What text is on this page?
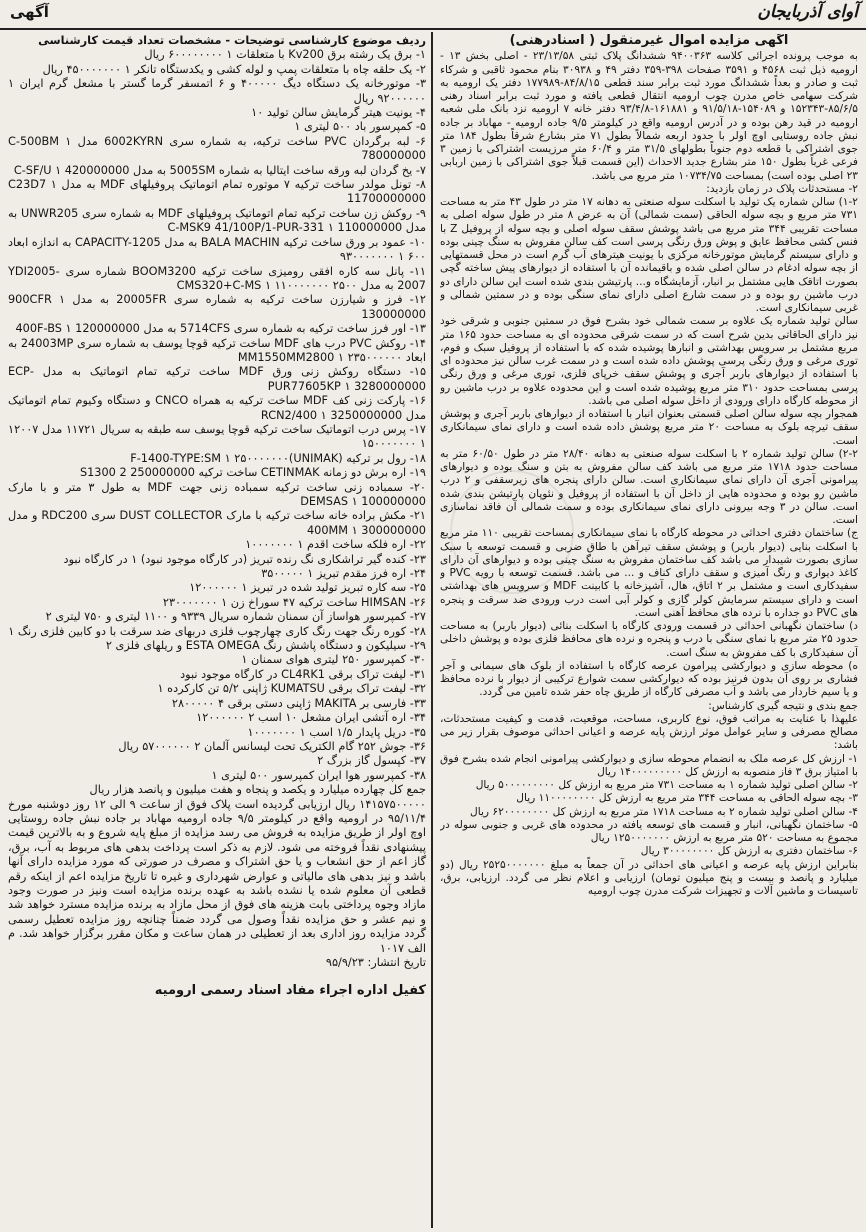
آوای آذربایجان
آگهی
آگهی مزایده اموال غیرمنقول ( اسنادرهنی)

به موجب پرونده اجرائی کلاسه ۹۴۰۰۳۶۳ ششدانگ پلاک ثبتی ۲۳/۱۳/۵۸ - اصلی بخش ۱۳ - ارومیه ذیل ثبت ۴۵۶۸ و ۳۵۹۱ صفحات ۳۹۸-۳۵۹ دفتر ۴۹ و ۳۰۹۳۸ بنام محمود ثاقبی و شرکاء ثبت و صادر و بعداً ششدانگ مورد ثبت برابر سند قطعی ۸۴/۸/۱۵-۱۷۷۹۸۹ دفتر یک ارومیه به شرکت سهامی خاص مدرن چوب ارومیه انتقال قطعی یافته و مورد ثبت برابر اسناد رهنی ۸۵/۶/۵-۱۵۲۳۴۳ و ۱۵۴۰۸۹-۹۱/۵/۱۸ و ۱۶۱۸۸۱-۹۳/۴/۸ دفتر خانه ۷ ارومیه نزد بانک ملی شعبه ارومیه در قید رهن بوده و در آدرس ارومیه واقع در کیلومتر ۹/۵ جاده ارومیه - مهاباد بر جاده نبش جاده روستایی اوچ اولر با حدود اربعه شمالاً بطول ۷۱ متر بشارع شرقاً بطول ۱۸۴ متر جوی اشتراکی با قطعه دوم جنوباً بطولهای ۳۱/۵ متر و ۶۰/۴ متر مرزیست اشتراکی با زمین ۳ فرعی غرباً بطول ۱۵۰ متر بشارع جدید الاحداث (این قسمت قبلاً جوی اشتراکی با زمین اربابی ۲۳ اصلی بوده است) بمساحت ۱۰۷۳۴/۷۵ متر مربع می باشد.

۲- مستحدثات پلاک در زمان بازدید:

۱-۲) سالن شماره یک تولید با اسکلت سوله صنعتی به دهانه ۱۷ متر در طول ۴۳ متر به مساحت ۷۳۱ متر مربع و بچه سوله الحاقی (سمت شمالی) آن به عرض ۸ متر در طول سوله اصلی به مساحت تقریبی ۳۴۴ متر مربع می باشد پوشش سقف سوله اصلی و بچه سوله از پروفیل Z با فنس کشی محافظ عایق و پوش ورق رنگی پرسی است کف سالن مفروش به سنگ چینی بوده و دارای سیستم گرمایش موتورخانه مرکزی با یونیت هیترهای آب گرم است در محل قسمتهایی از بچه سوله ادغام در سالن اصلی شده و باقیمانده آن با استفاده از دیوارهای پیش ساخته گچی بصورت اتاقک هایی مشتمل بر انبار، آزمایشگاه و... پارتیشن بندی شده است این سالن دارای دو درب ماشین رو بوده و در سمت شارع اصلی دارای نمای سنگی بوده و در سمتین شمالی و غربی سیمانکاری است.

سالن تولید شماره یک علاوه بر سمت شمالی خود بشرح فوق در سمتین جنوبی و شرقی خود نیز دارای الحاقاتی بدین شرح است که در سمت شرقی محدوده ای به مساحت حدود ۱۶۵ متر مربع مشتمل بر سرویس بهداشتی و انبارها پوشیده شده که با استفاده از پروفیل سبک و فوم، توری مرغی و ورق رنگی پرسی پوشش داده شده است و در سمت غرب سالن نیز محدوده ای با استفاده از دیوارهای باربر آجری و پوشش سقف خرپای فلزی، توری مرغی و ورق رنگی پرسی بمساحت حدود ۳۱۰ متر مربع پوشیده شده است و این محدوده علاوه بر درب ماشین رو از محوطه کارگاه دارای ورودی از داخل سوله اصلی می باشد.

همجوار بچه سوله سالن اصلی قسمتی بعنوان انبار با استفاده از دیوارهای باربر آجری و پوشش سقف تیرچه بلوک به مساحت ۲۰ متر مربع پوشش داده شده است و دارای نمای سیمانکاری است.

۲-۲) سالن تولید شماره ۲ با اسکلت سوله صنعتی به دهانه ۲۸/۴۰ متر در طول ۶۰/۵۰ متر به مساحت حدود ۱۷۱۸ متر مربع می باشد کف سالن مفروش به بتن و سنگ بوده و دیوارهای پیرامونی آجری آن دارای نمای سیمانکاری است. سالن دارای پنجره های زیرسقفی و ۲ درب ماشین رو بوده و محدوده هایی از داخل آن با استفاده از پروفیل و نئوپان پارتیشن بندی شده است. سالن در ۳ وجه بیرونی دارای نمای سیمانکاری بوده و سمت شمالی آن فاقد نماسازی است.

ج) ساختمان دفتری احداثی در محوطه کارگاه با نمای سیمانکاری بمساحت تقریبی ۱۱۰ متر مربع با اسکلت بنایی (دیوار باربر) و پوشش سقف تیرآهن با طاق ضربی و قسمت توسعه با سبک سازی بصورت شیبدار می باشد کف ساختمان مفروش به سنگ چینی بوده و دیوارهای آن دارای کاغذ دیواری و رنگ آمیزی و سقف دارای کناف و ... می باشد. قسمت توسعه با رویه PVC و سفیدکاری است و مشتمل بر ۲ اتاق، هال، آشپزخانه با کابینت MDF و سرویس های بهداشتی است و دارای سیستم سرمایش کولر گازی و کولر آبی است درب ورودی ضد سرقت و پنجره های PVC دو جداره با نرده های محافظ آهنی است.

د) ساختمان نگهبانی احداثی در قسمت ورودی کارگاه با اسکلت بنائی (دیوار باربر) به مساحت حدود ۲۵ متر مربع با نمای سنگی با درب و پنجره و نرده های محافظ فلزی بوده و پوشش داخلی آن سفیدکاری با کف مفروش به سنگ است.

ه) محوطه سازی و دیوارکشی پیرامون عرصه کارگاه با استفاده از بلوک های سیمانی و آجر فشاری بر روی آن بدون فرنیز بوده که دیوارکشی سمت شوارع ترکیبی از دیوار با نرده محافظ و یا سیم خاردار می باشد و آب مصرفی کارگاه از طریق چاه حفر شده تامین می گردد.

جمع بندی و نتیجه گیری کارشناس:

علیهذا با عنایت به مراتب فوق، نوع کاربری، مساحت، موقعیت، قدمت و کیفیت مستحدثات، مصالح مصرفی و سایر عوامل موثر ارزش پایه عرصه و اعیانی احداثی موصوف بقرار زیر می باشد:

۱- ارزش کل عرصه ملک به انضمام محوطه سازی و دیوارکشی پیرامونی انجام شده بشرح فوق با امتیاز برق ۳ فاز منصوبه به ارزش کل ۱۴۰۰۰۰۰۰۰۰۰ ریال

۲- سالن اصلی تولید شماره ۱ به مساحت ۷۳۱ متر مربع به ارزش کل ۵۰۰۰۰۰۰۰۰۰ ریال

۳- بچه سوله الحاقی به مساحت ۳۴۴ متر مربع به ارزش کل ۱۱۰۰۰۰۰۰۰۰ ریال

۴- سالن اصلی تولید شماره ۲ به مساحت ۱۷۱۸ متر مربع به ارزش کل ۶۲۰۰۰۰۰۰۰۰ ریال

۵- ساختمان نگهبانی، انبار و قسمت های توسعه یافته در محدوده های غربی و جنوبی سوله در مجموع به مساحت ۵۲۰ متر مربع به ارزش ۱۲۵۰۰۰۰۰۰۰ ریال

۶- ساختمان دفتری به ارزش کل ۳۰۰۰۰۰۰۰۰ ریال

بنابراین ارزش پایه عرصه و اعیانی های احداثی در آن جمعاً به مبلغ ۲۵۲۵۰۰۰۰۰۰۰ ریال (دو میلیارد و پانصد و بیست و پنج میلیون تومان) ارزیابی و اعلام نظر می گردد. ارزیابی، برق، تاسیسات و ماشین آلات و تجهیزات شرکت مدرن چوب ارومیه

ردیف موضوع کارشناسی توضیحات - مشخصات تعداد قیمت کارشناسی

۱- برق یک رشته برق Kv200 با متعلقات ۱ ۶۰۰۰۰۰۰۰۰ ریال

۲- یک حلقه چاه با متعلقات پمپ و لوله کشی و یکدستگاه تانکر ۱ ۴۵۰۰۰۰۰۰۰ ریال

۳- موتورخانه یک دستگاه دیگ ۴۰۰۰۰۰ و ۶ اتمسفر گرما گستر با مشعل گرم ایران ۱ ۹۲۰۰۰۰۰۰ ریال

۴- یونیت هیتر گرمایش سالن تولید ۱۰

۵- کمپرسور باد ۵۰۰ لیتری ۱

۶- لبه برگردان PVC ساخت ترکیه، به شماره سری 6002KYRN مدل C-500BM ۱ 780000000

۷- یخ گردان لبه ورقه ساخت ایتالیا به شماره 5005SM به مدل C-SF/U ۱ 420000000

۸- تونل مولدر ساخت ترکیه ۷ موتوره تمام اتوماتیک پروفیلهای MDF به مدل C23D7 ۱ 11700000000

۹- روکش زن ساخت ترکیه تمام اتوماتیک پروفیلهای MDF به شماره سری UNWR205 به مدل C-MSK9 41/100P/1-PUR-331 ۱ 110000000

۱۰- عمود بر ورق ساخت ترکیه BALA MACHIN به مدل CAPACITY-1205 به اندازه ابعاد ۶۰۰ ۱ ۹۳۰۰۰۰۰۰۰

۱۱- پانل سه کاره افقی رومیزی ساخت ترکیه BOOM3200 شماره سری YDI2005- 2007 به مدل CMS320+C-MS ۱ ۱۱۰۰۰۰۰۰۰ ۲۵۰۰

۱۲- فرز و شیارزن ساخت ترکیه به شماره سری 20005FR به مدل 900CFR ۱ 130000000

۱۳- اور فرز ساخت ترکیه به شماره سری 5714CFS به مدل 400F-BS ۱ 120000000

۱۴- روکش PVC درب های MDF ساخت ترکیه قوچا یوسف به شماره سری 24003MP به ابعاد MM1550MM2800 ۱ ۲۳۵۰۰۰۰۰۰

۱۵- دستگاه روکش زنی ورق MDF ساخت ترکیه تمام اتوماتیک به مدل -ECP PUR77605KP ۱ 3280000000

۱۶- پارکت زنی کف MDF ساخت ترکیه به همراه CNCO و دستگاه وکیوم تمام اتوماتیک مدل RCN2/400 ۱ 3250000000

۱۷- پرس درب اتوماتیک ساخت ترکیه قوچا یوسف سه طبقه به سریال ۱۱۷۲۱ مدل ۱۲۰۰۷ ۱ ۱۵۰۰۰۰۰۰۰

۱۸- رول بر ترکیه (UNIMAK)F-1400-TYPE:SM ۱ ۲۵۰۰۰۰۰۰۰

۱۹- اره برش دو زمانه CETINMAK ساخت ترکیه 250000000 S1300 2

۲۰- سمباده زنی ساخت ترکیه سمباده زنی جهت MDF به طول ۳ متر و با مارک DEMSAS ۱ 100000000

۲۱- مکش براده خانه ساخت ترکیه با مارک DUST COLLECTOR سری RDC200 و مدل 400MM ۱ 300000000

۲۲- اره فلکه ساخت اقدم ۱ ۱۰۰۰۰۰۰۰

۲۳- کنده گیر تراشکاری نگ رنده تبریز (در کارگاه موجود نبود) ۱ در کارگاه نبود

۲۴- اره فرز مقدم تبریز ۱ ۳۵۰۰۰۰۰

۲۵- سه کاره تبریز تولید شده در تبریز ۱ ۱۲۰۰۰۰۰۰

۲۶- HIMSAN ساخت ترکیه ۴۷ سوراخ زن ۱ ۲۳۰۰۰۰۰۰۰

۲۷- کمپرسور هواساز آن سمنان شماره سریال ۹۳۳۹ و ۱۱۰۰ لیتری و ۷۵۰ لیتری ۲

۲۸- کوره رنگ جهت رنگ کاری چهارچوب فلزی دربهای ضد سرقت با دو کابین فلزی رنگ ۱

۲۹- سیلیکون و دستگاه پاشش رنگ ESTA OMEGA و ریلهای فلزی ۲

۳۰- کمپرسور ۲۵۰ لیتری هوای سمنان ۱

۳۱- لیفت تراک برقی CL4RK1 در کارگاه موجود نبود

۳۲- لیفت تراک برقی KUMATSU ژاپنی ۵/۲ تن کارکرده ۱

۳۳- فارسی بر MAKITA ژاپنی دستی برقی ۴ ۲۸۰۰۰۰۰

۳۴- اره آتشی ایران مشعل ۱۰ اسب ۲ ۱۲۰۰۰۰۰۰

۳۵- دریل پایدار ۱/۵ اسب ۱ ۱۰۰۰۰۰۰۰

۳۶- جوش ۲۵۲ گام الکتریک تحت لیسانس آلمان ۲ ۵۷۰۰۰۰۰۰ ریال

۳۷- کپسول گاز بزرگ ۲

۳۸- کمپرسور هوا ایران کمپرسور ۵۰۰ لیتری ۱

جمع کل چهارده میلیارد و یکصد و پنجاه و هفت میلیون و پانصد هزار ریال

۱۴۱۵۷۵۰۰۰۰۰ ریال ارزیابی گردیده است پلاک فوق از ساعت ۹ الی ۱۲ روز دوشنبه مورخ ۹۵/۱۱/۴ در ارومیه واقع در کیلومتر ۹/۵ جاده ارومیه مهاباد بر جاده نبش جاده روستایی اوچ اولر از طریق مزایده به فروش می رسد مزایده از مبلغ پایه شروع و به بالاترین قیمت پیشنهادی نقداً فروخته می شود. لازم به ذکر است پرداخت بدهی های مربوط به آب، برق، گاز اعم از حق انشعاب و یا حق اشتراک و مصرف در صورتی که مورد مزایده دارای آنها باشد و نیز بدهی های مالیاتی و عوارض شهرداری و غیره تا تاریخ مزایده اعم از اینکه رقم قطعی آن معلوم شده یا نشده باشد به عهده برنده مزایده است ونیز در صورت وجود مازاد وجوه پرداختی بابت هزینه های فوق از محل مازاد به برنده مزایده مسترد خواهد شد و نیم عشر و حق مزایده نقداً وصول می گردد ضمناً چنانچه روز مزایده تعطیل رسمی گردد مزایده روز اداری بعد از تعطیلی در همان ساعت و مکان مقرر برگزار خواهد شد. م الف ۱۰۱۷

تاریخ انتشار: ۹۵/۹/۲۳

کفیل اداره اجراء مفاد اسناد رسمی ارومیه
